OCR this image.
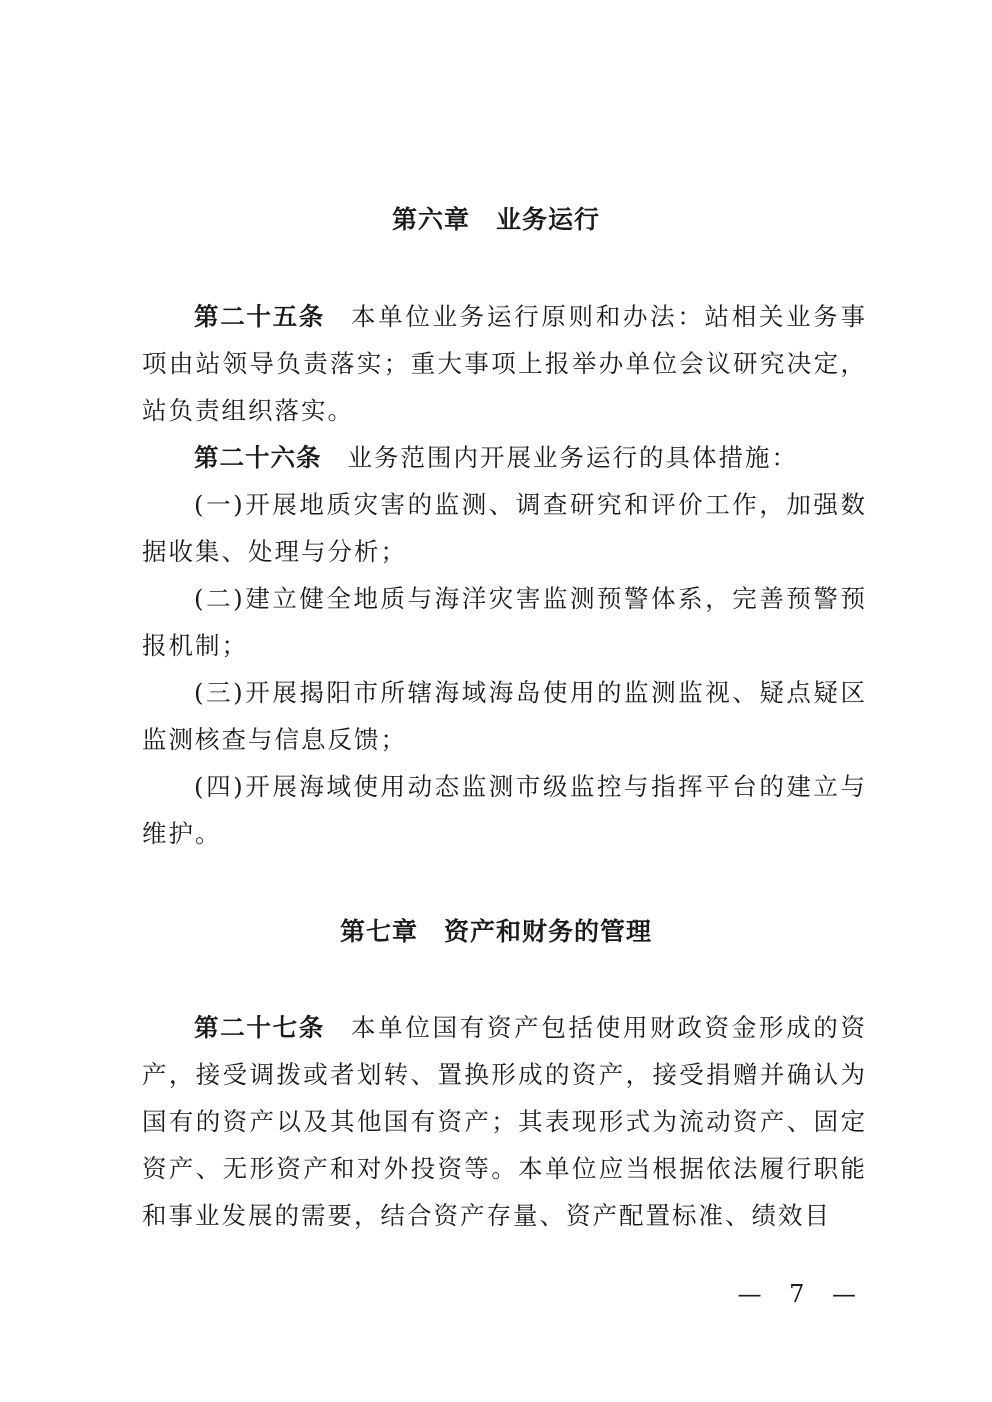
第六章　业务运行

第二十五条 本单位业务运行原则和办法：站相关业务事项由站领导负责落实；重大事项上报举办单位会议研究决定，站负责组织落实。

第二十六条 业务范围内开展业务运行的具体措施：

(一)开展地质灾害的监测、调查研究和评价工作，加强数据收集、处理与分析；

(二)建立健全地质与海洋灾害监测预警体系，完善预警预报机制；

(三)开展揭阳市所辖海域海岛使用的监测监视、疑点疑区监测核查与信息反馈；

(四)开展海域使用动态监测市级监控与指挥平台的建立与维护。

第七章　资产和财务的管理

第二十七条 本单位国有资产包括使用财政资金形成的资产，接受调拨或者划转、置换形成的资产，接受捐赠并确认为国有的资产以及其他国有资产；其表现形式为流动资产、固定资产、无形资产和对外投资等。本单位应当根据依法履行职能和事业发展的需要，结合资产存量、资产配置标准、绩效目

— 7 —
